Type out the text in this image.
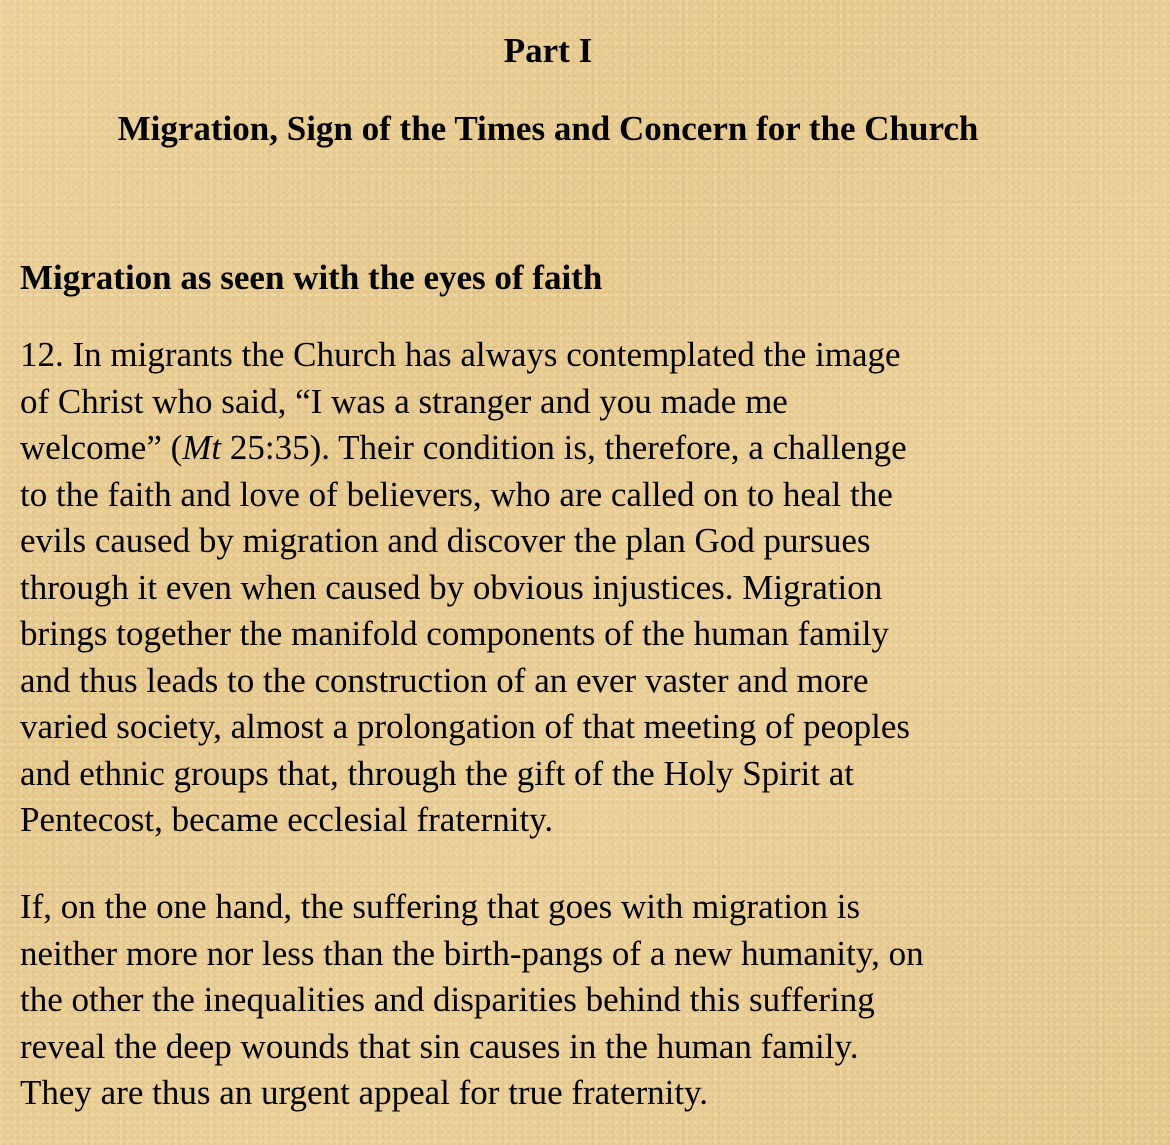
Part I
Migration, Sign of the Times and Concern for the Church
Migration as seen with the eyes of faith

12. In migrants the Church has always contemplated the image
of Christ who said, “I was a stranger and you made me
welcome” (Mt 25:35). Their condition is, therefore, a challenge
to the faith and love of believers, who are called on to heal the
evils caused by migration and discover the plan God pursues
through it even when caused by obvious injustices. Migration
brings together the manifold components of the human family
and thus leads to the construction of an ever vaster and more
varied society, almost a prolongation of that meeting of peoples
and ethnic groups that, through the gift of the Holy Spirit at
Pentecost, became ecclesial fraternity.

If, on the one hand, the suffering that goes with migration is
neither more nor less than the birth-pangs of a new humanity, on
the other the inequalities and disparities behind this suffering
reveal the deep wounds that sin causes in the human family.
They are thus an urgent appeal for true fraternity.
